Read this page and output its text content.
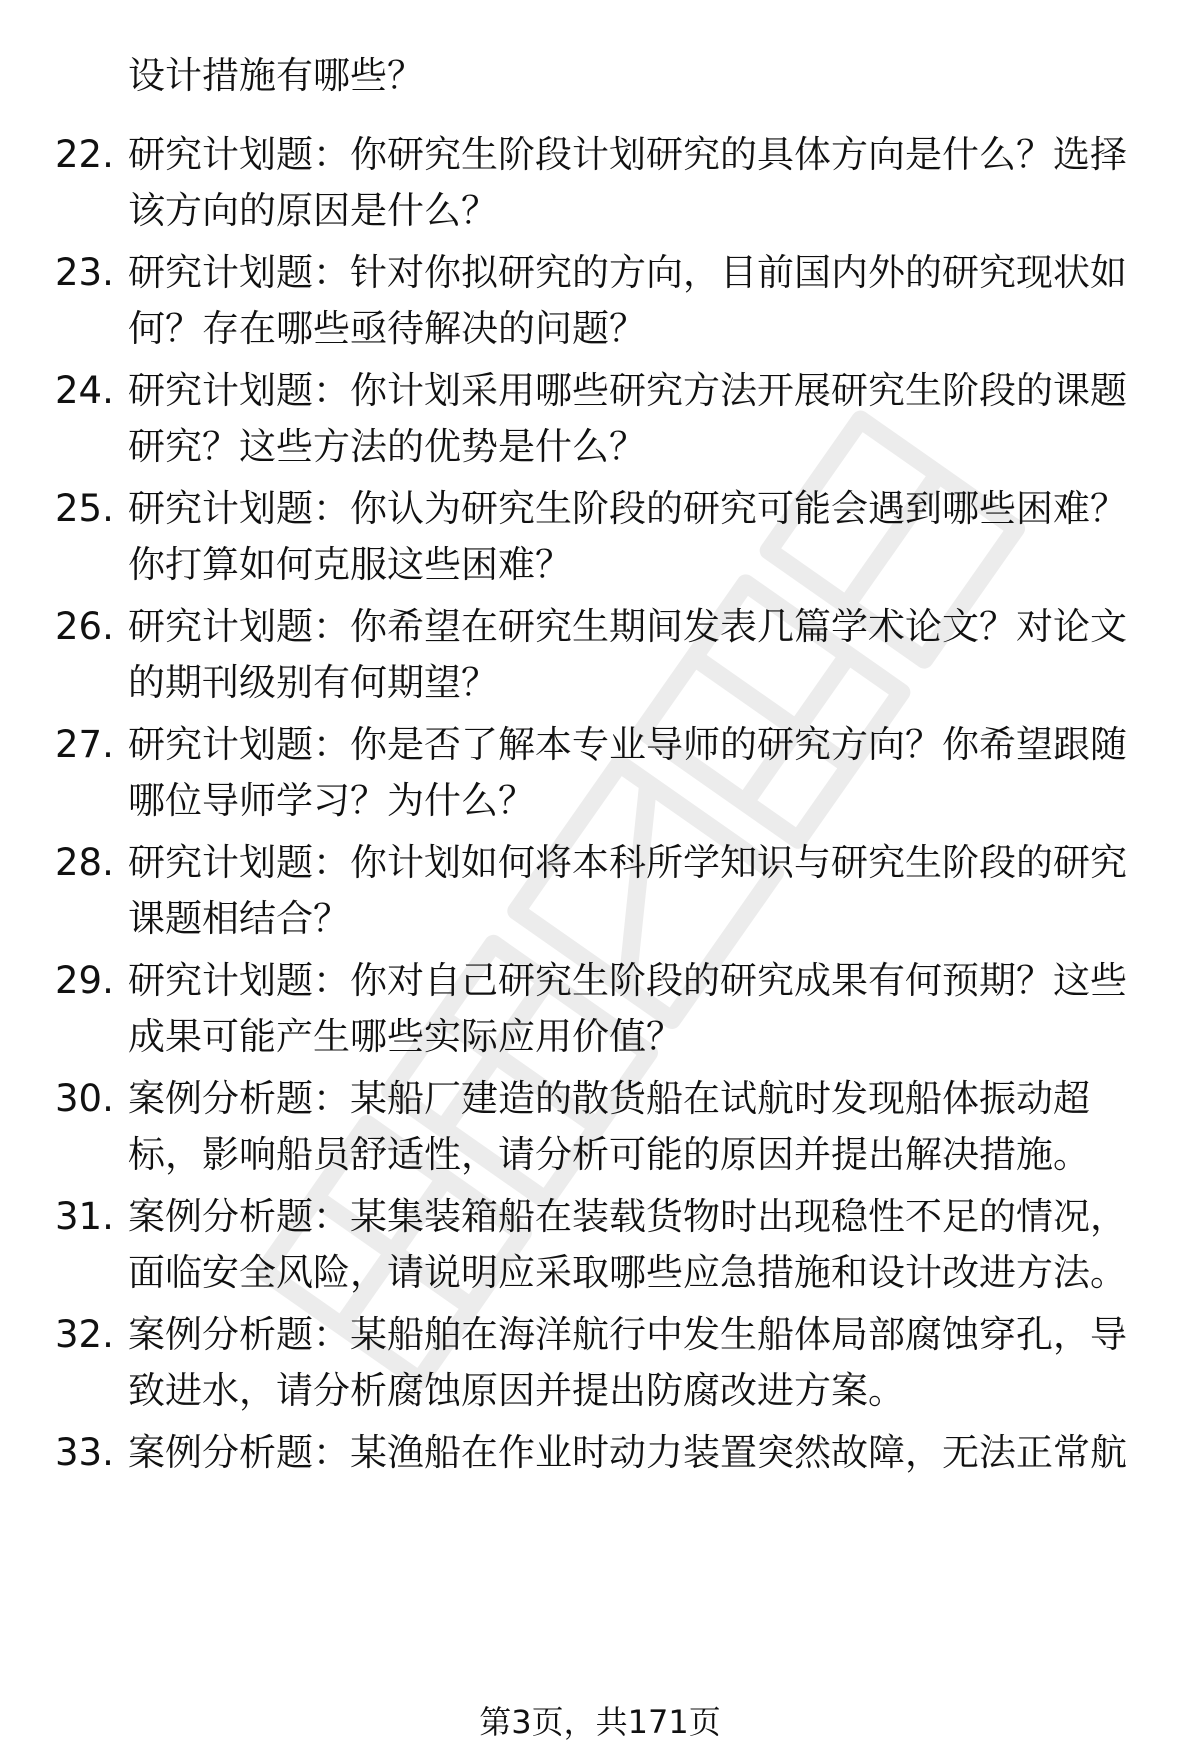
设计措施有哪些？
22. 研究计划题：你研究生阶段计划研究的具体方向是什么？选择该方向的原因是什么？
23. 研究计划题：针对你拟研究的方向，目前国内外的研究现状如何？存在哪些亟待解决的问题？
24. 研究计划题：你计划采用哪些研究方法开展研究生阶段的课题研究？这些方法的优势是什么？
25. 研究计划题：你认为研究生阶段的研究可能会遇到哪些困难？你打算如何克服这些困难？
26. 研究计划题：你希望在研究生期间发表几篇学术论文？对论文的期刊级别有何期望？
27. 研究计划题：你是否了解本专业导师的研究方向？你希望跟随哪位导师学习？为什么？
28. 研究计划题：你计划如何将本科所学知识与研究生阶段的研究课题相结合？
29. 研究计划题：你对自己研究生阶段的研究成果有何预期？这些成果可能产生哪些实际应用价值？
30. 案例分析题：某船厂建造的散货船在试航时发现船体振动超标，影响船员舒适性，请分析可能的原因并提出解决措施。
31. 案例分析题：某集装箱船在装载货物时出现稳性不足的情况，面临安全风险，请说明应采取哪些应急措施和设计改进方法。
32. 案例分析题：某船舶在海洋航行中发生船体局部腐蚀穿孔，导致进水，请分析腐蚀原因并提出防腐改进方案。
33. 案例分析题：某渔船在作业时动力装置突然故障，无法正常航
第3页，共171页
